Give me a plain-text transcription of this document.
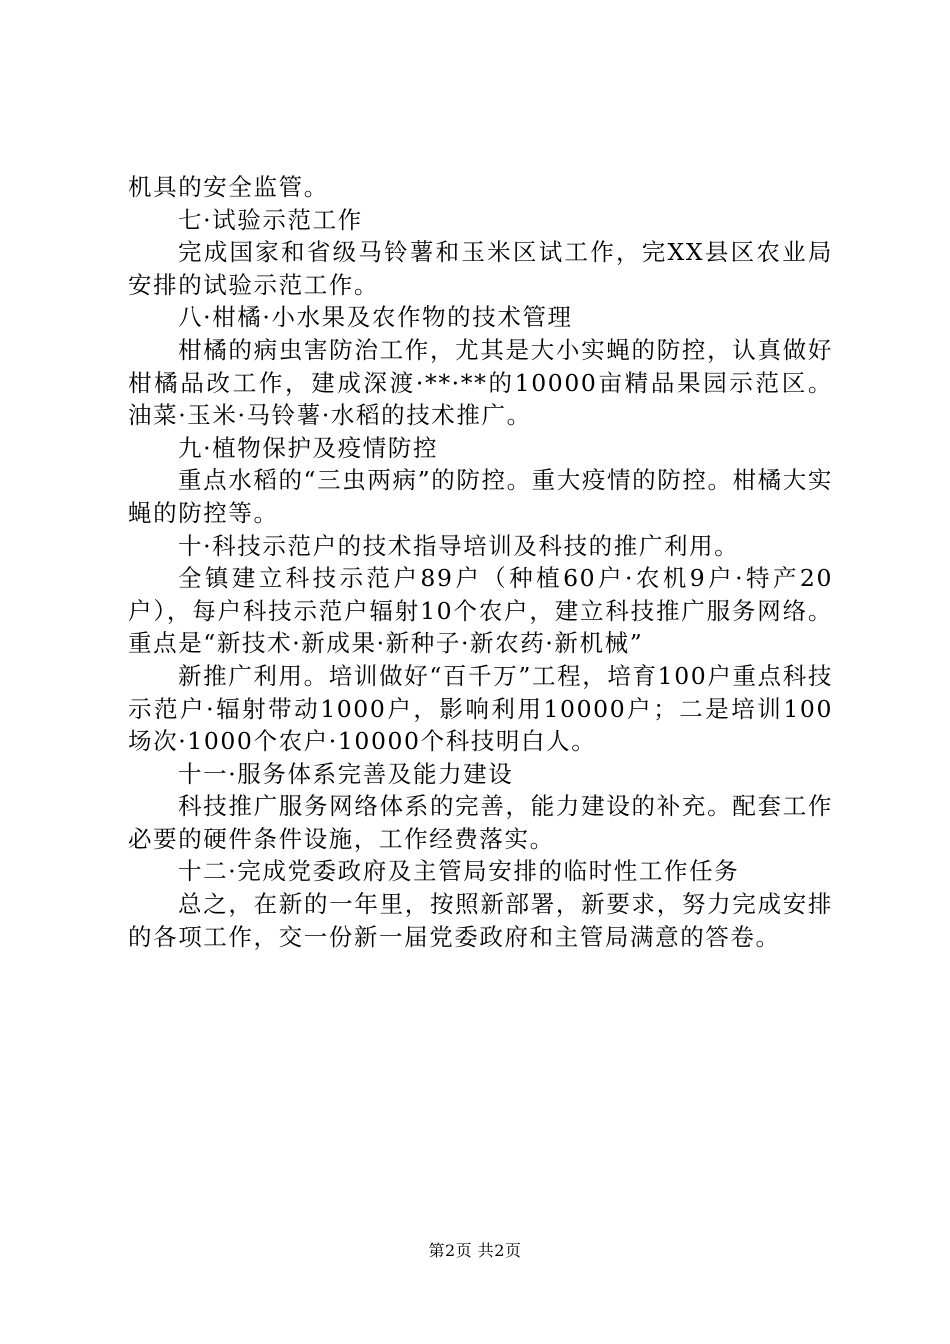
机具的安全监管。

七·试验示范工作

完成国家和省级马铃薯和玉米区试工作，完XX县区农业局安排的试验示范工作。

八·柑橘·小水果及农作物的技术管理

柑橘的病虫害防治工作，尤其是大小实蝇的防控，认真做好柑橘品改工作，建成深渡·**·**的10000亩精品果园示范区。油菜·玉米·马铃薯·水稻的技术推广。

九·植物保护及疫情防控

重点水稻的“三虫两病”的防控。重大疫情的防控。柑橘大实蝇的防控等。

十·科技示范户的技术指导培训及科技的推广利用。

全镇建立科技示范户89户（种植60户·农机9户·特产20户），每户科技示范户辐射10个农户，建立科技推广服务网络。重点是“新技术·新成果·新种子·新农药·新机械”

新推广利用。培训做好“百千万”工程，培育100户重点科技示范户·辐射带动1000户，影响利用10000户；二是培训100场次·1000个农户·10000个科技明白人。

十一·服务体系完善及能力建设

科技推广服务网络体系的完善，能力建设的补充。配套工作必要的硬件条件设施，工作经费落实。

十二·完成党委政府及主管局安排的临时性工作任务

总之，在新的一年里，按照新部署，新要求，努力完成安排的各项工作，交一份新一届党委政府和主管局满意的答卷。

第2页 共2页
